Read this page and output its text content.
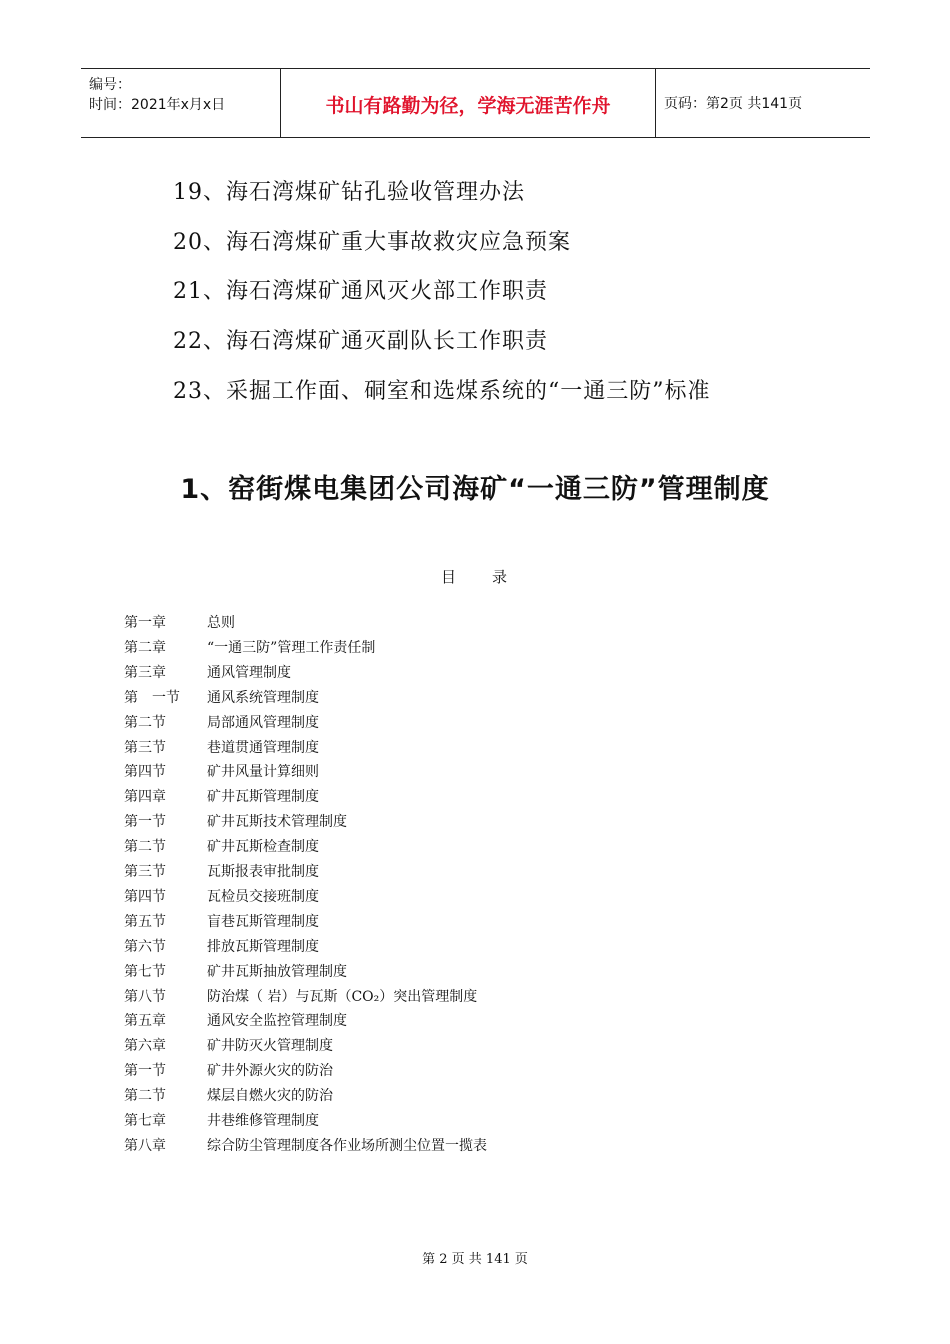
编号：
时间：2021年x月x日	书山有路勤为径，学海无涯苦作舟	页码：第2页 共141页
19、海石湾煤矿钻孔验收管理办法
20、海石湾煤矿重大事故救灾应急预案
21、海石湾煤矿通风灭火部工作职责
22、海石湾煤矿通灭副队长工作职责
23、采掘工作面、硐室和选煤系统的“一通三防”标准
1、窑街煤电集团公司海矿“一通三防”管理制度
目　　录
第一章	总则
第二章	“一通三防”管理工作责任制
第三章	通风管理制度
第　一节	通风系统管理制度
第二节	局部通风管理制度
第三节	巷道贯通管理制度
第四节	矿井风量计算细则
第四章	矿井瓦斯管理制度
第一节	矿井瓦斯技术管理制度
第二节	矿井瓦斯检查制度
第三节	瓦斯报表审批制度
第四节	瓦检员交接班制度
第五节	盲巷瓦斯管理制度
第六节	排放瓦斯管理制度
第七节	矿井瓦斯抽放管理制度
第八节	防治煤（ 岩）与瓦斯（CO₂）突出管理制度
第五章	通风安全监控管理制度
第六章	矿井防灭火管理制度
第一节	矿井外源火灾的防治
第二节	煤层自燃火灾的防治
第七章	井巷维修管理制度
第八章	综合防尘管理制度各作业场所测尘位置一揽表
第 2 页 共 141 页
